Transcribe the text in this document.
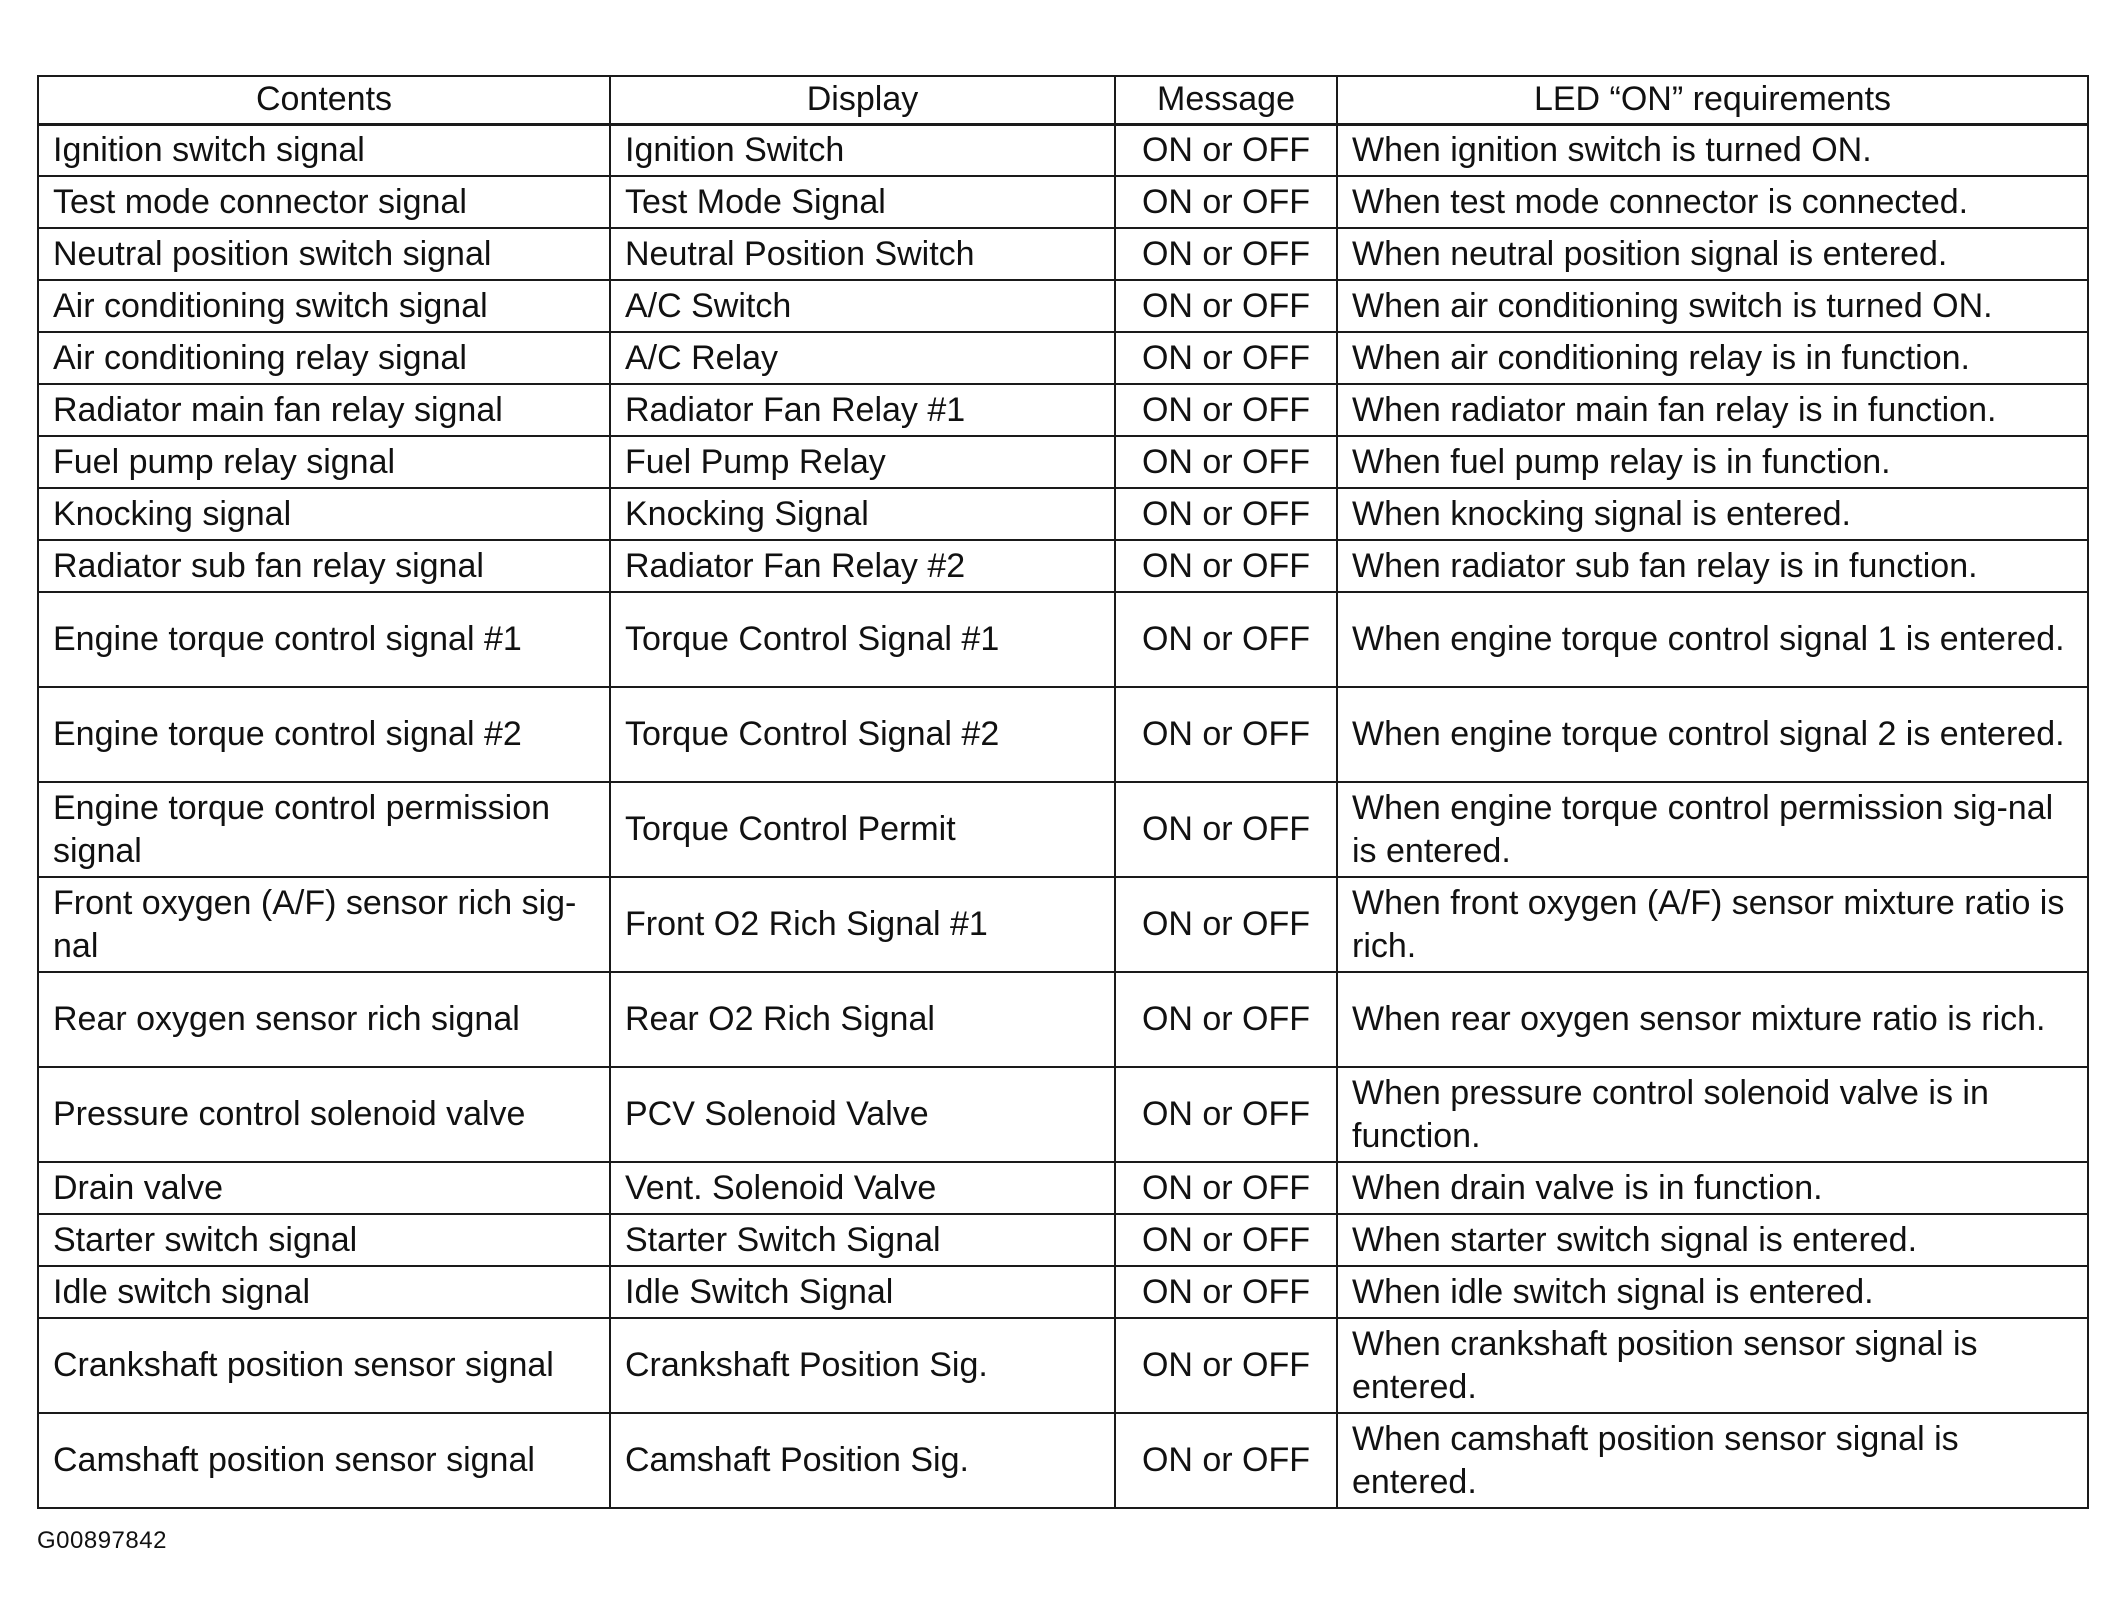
Contents	Display	Message	LED “ON” requirements
Ignition switch signal	Ignition Switch	ON or OFF	When ignition switch is turned ON.
Test mode connector signal	Test Mode Signal	ON or OFF	When test mode connector is connected.
Neutral position switch signal	Neutral Position Switch	ON or OFF	When neutral position signal is entered.
Air conditioning switch signal	A/C Switch	ON or OFF	When air conditioning switch is turned ON.
Air conditioning relay signal	A/C Relay	ON or OFF	When air conditioning relay is in function.
Radiator main fan relay signal	Radiator Fan Relay #1	ON or OFF	When radiator main fan relay is in function.
Fuel pump relay signal	Fuel Pump Relay	ON or OFF	When fuel pump relay is in function.
Knocking signal	Knocking Signal	ON or OFF	When knocking signal is entered.
Radiator sub fan relay signal	Radiator Fan Relay #2	ON or OFF	When radiator sub fan relay is in function.
Engine torque control signal #1	Torque Control Signal #1	ON or OFF	When engine torque control signal 1 is entered.
Engine torque control signal #2	Torque Control Signal #2	ON or OFF	When engine torque control signal 2 is entered.
Engine torque control permission signal	Torque Control Permit	ON or OFF	When engine torque control permission sig-nal is entered.
Front oxygen (A/F) sensor rich sig-nal	Front O2 Rich Signal #1	ON or OFF	When front oxygen (A/F) sensor mixture ratio is rich.
Rear oxygen sensor rich signal	Rear O2 Rich Signal	ON or OFF	When rear oxygen sensor mixture ratio is rich.
Pressure control solenoid valve	PCV Solenoid Valve	ON or OFF	When pressure control solenoid valve is in function.
Drain valve	Vent. Solenoid Valve	ON or OFF	When drain valve is in function.
Starter switch signal	Starter Switch Signal	ON or OFF	When starter switch signal is entered.
Idle switch signal	Idle Switch Signal	ON or OFF	When idle switch signal is entered.
Crankshaft position sensor signal	Crankshaft Position Sig.	ON or OFF	When crankshaft position sensor signal is entered.
Camshaft position sensor signal	Camshaft Position Sig.	ON or OFF	When camshaft position sensor signal is entered.
G00897842
